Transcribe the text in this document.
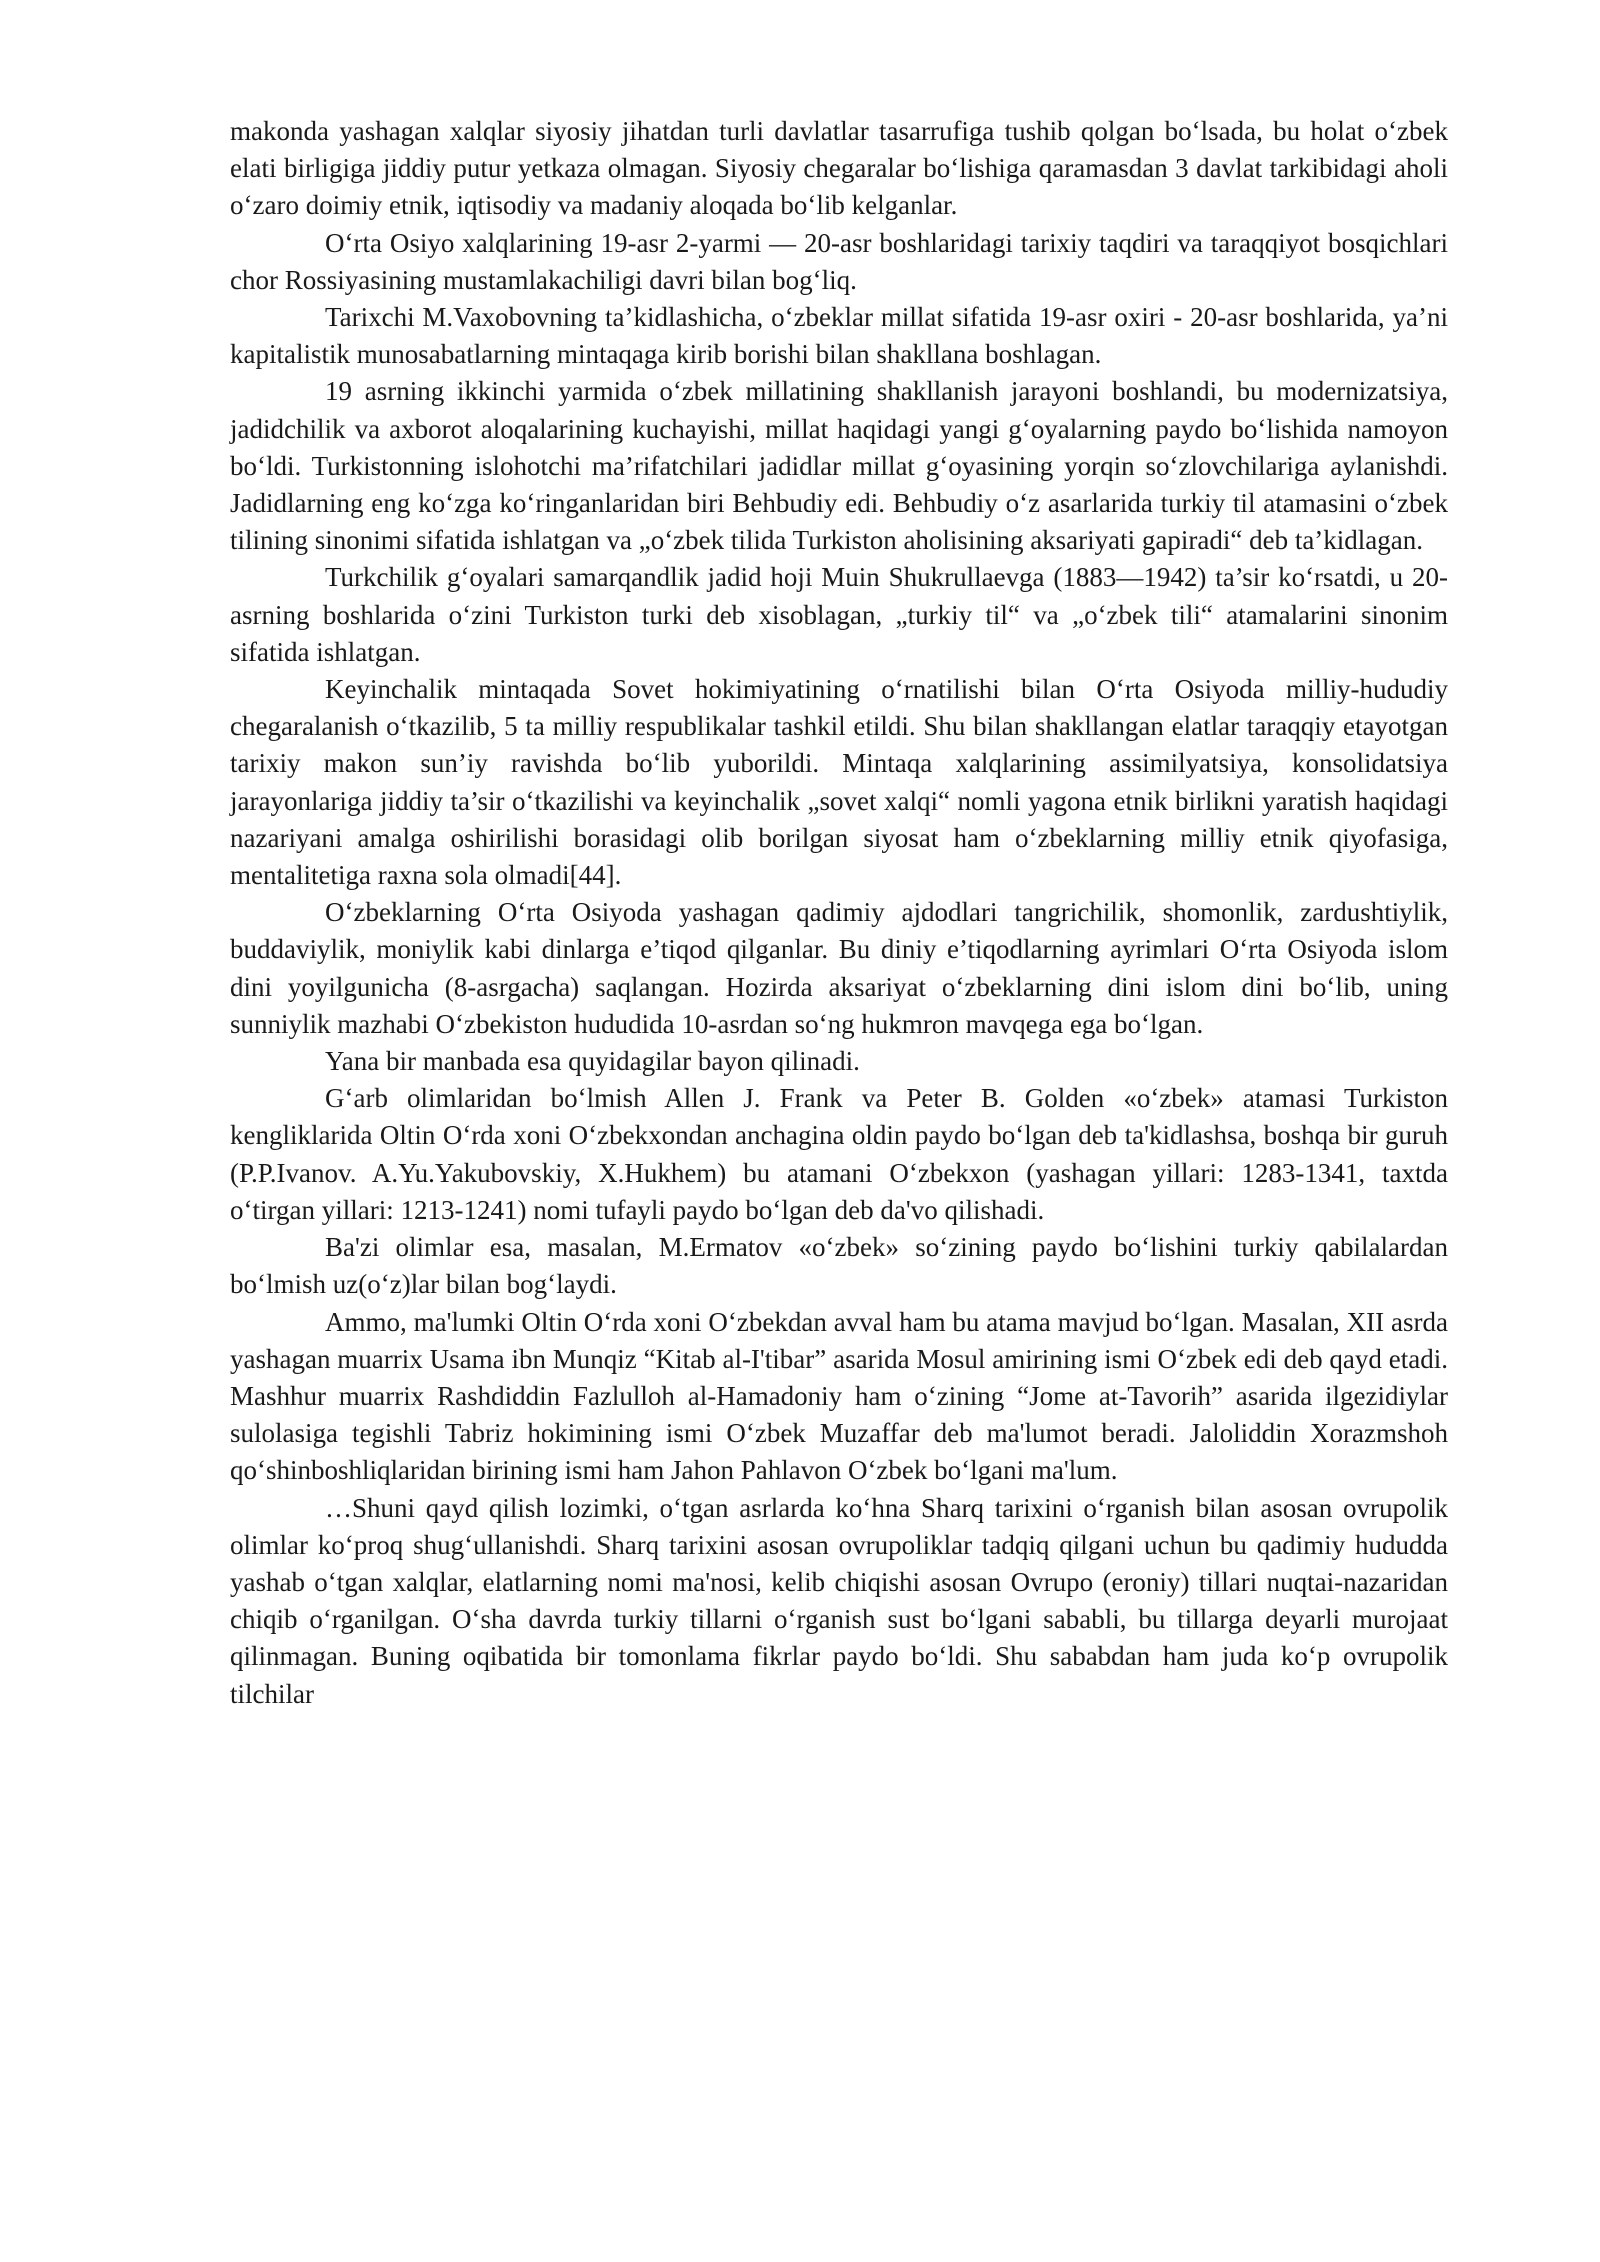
makonda yashagan xalqlar siyosiy jihatdan turli davlatlar tasarrufiga tushib qolgan bo‘lsada, bu holat o‘zbek elati birligiga jiddiy putur yetkaza olmagan. Siyosiy chegaralar bo‘lishiga qaramasdan 3 davlat tarkibidagi aholi o‘zaro doimiy etnik, iqtisodiy va madaniy aloqada bo‘lib kelganlar.

O‘rta Osiyo xalqlarining 19-asr 2-yarmi — 20-asr boshlaridagi tarixiy taqdiri va taraqqiyot bosqichlari chor Rossiyasining mustamlakachiligi davri bilan bog‘liq.

Tarixchi M.Vaxobovning ta’kidlashicha, o‘zbeklar millat sifatida 19-asr oxiri - 20-asr boshlarida, ya’ni kapitalistik munosabatlarning mintaqaga kirib borishi bilan shakllana boshlagan.

19 asrning ikkinchi yarmida o‘zbek millatining shakllanish jarayoni boshlandi, bu modernizatsiya, jadidchilik va axborot aloqalarining kuchayishi, millat haqidagi yangi g‘oyalarning paydo bo‘lishida namoyon bo‘ldi. Turkistonning islohotchi ma’rifatchilari jadidlar millat g‘oyasining yorqin so‘zlovchilariga aylanishdi. Jadidlarning eng ko‘zga ko‘ringanlaridan biri Behbudiy edi. Behbudiy o‘z asarlarida turkiy til atamasini o‘zbek tilining sinonimi sifatida ishlatgan va „o‘zbek tilida Turkiston aholisining aksariyati gapiradi“ deb ta’kidlagan.

Turkchilik g‘oyalari samarqandlik jadid hoji Muin Shukrullaevga (1883—1942) ta’sir ko‘rsatdi, u 20-asrning boshlarida o‘zini Turkiston turki deb xisoblagan, „turkiy til“ va „o‘zbek tili“ atamalarini sinonim sifatida ishlatgan.

Keyinchalik mintaqada Sovet hokimiyatining o‘rnatilishi bilan O‘rta Osiyoda milliy-hududiy chegaralanish o‘tkazilib, 5 ta milliy respublikalar tashkil etildi. Shu bilan shakllangan elatlar taraqqiy etayotgan tarixiy makon sun’iy ravishda bo‘lib yuborildi. Mintaqa xalqlarining assimilyatsiya, konsolidatsiya jarayonlariga jiddiy ta’sir o‘tkazilishi va keyinchalik „sovet xalqi“ nomli yagona etnik birlikni yaratish haqidagi nazariyani amalga oshirilishi borasidagi olib borilgan siyosat ham o‘zbeklarning milliy etnik qiyofasiga, mentalitetiga raxna sola olmadi[44].

O‘zbeklarning O‘rta Osiyoda yashagan qadimiy ajdodlari tangrichilik, shomonlik, zardushtiylik, buddaviylik, moniylik kabi dinlarga e’tiqod qilganlar. Bu diniy e’tiqodlarning ayrimlari O‘rta Osiyoda islom dini yoyilgunicha (8-asrgacha) saqlangan. Hozirda aksariyat o‘zbeklarning dini islom dini bo‘lib, uning sunniylik mazhabi O‘zbekiston hududida 10-asrdan so‘ng hukmron mavqega ega bo‘lgan.

Yana bir manbada esa quyidagilar bayon qilinadi.

G‘arb olimlaridan bo‘lmish Allen J. Frank va Peter B. Golden «o‘zbek» atamasi Turkiston kengliklarida Oltin O‘rda xoni O‘zbekxondan anchagina oldin paydo bo‘lgan deb ta'kidlashsa, boshqa bir guruh (P.P.Ivanov. A.Yu.Yakubovskiy, X.Hukhem) bu atamani O‘zbekxon (yashagan yillari: 1283-1341, taxtda o‘tirgan yillari: 1213-1241) nomi tufayli paydo bo‘lgan deb da'vo qilishadi.

Ba'zi olimlar esa, masalan, M.Ermatov «o‘zbek» so‘zining paydo bo‘lishini turkiy qabilalardan bo‘lmish uz(o‘z)lar bilan bog‘laydi.

Ammo, ma'lumki Oltin O‘rda xoni O‘zbekdan avval ham bu atama mavjud bo‘lgan. Masalan, XII asrda yashagan muarrix Usama ibn Munqiz “Kitab al-I'tibar” asarida Mosul amirining ismi O‘zbek edi deb qayd etadi. Mashhur muarrix Rashdiddin Fazlulloh al-Hamadoniy ham o‘zining “Jome at-Tavorih” asarida ilgezidiylar sulolasiga tegishli Tabriz hokimining ismi O‘zbek Muzaffar deb ma'lumot beradi. Jaloliddin Xorazmshoh qo‘shinboshliqlaridan birining ismi ham Jahon Pahlavon O‘zbek bo‘lgani ma'lum.

…Shuni qayd qilish lozimki, o‘tgan asrlarda ko‘hna Sharq tarixini o‘rganish bilan asosan ovrupolik olimlar ko‘proq shug‘ullanishdi. Sharq tarixini asosan ovrupoliklar tadqiq qilgani uchun bu qadimiy hududda yashab o‘tgan xalqlar, elatlarning nomi ma'nosi, kelib chiqishi asosan Ovrupo (eroniy) tillari nuqtai-nazaridan chiqib o‘rganilgan. O‘sha davrda turkiy tillarni o‘rganish sust bo‘lgani sababli, bu tillarga deyarli murojaat qilinmagan. Buning oqibatida bir tomonlama fikrlar paydo bo‘ldi. Shu sababdan ham juda ko‘p ovrupolik tilchilar
